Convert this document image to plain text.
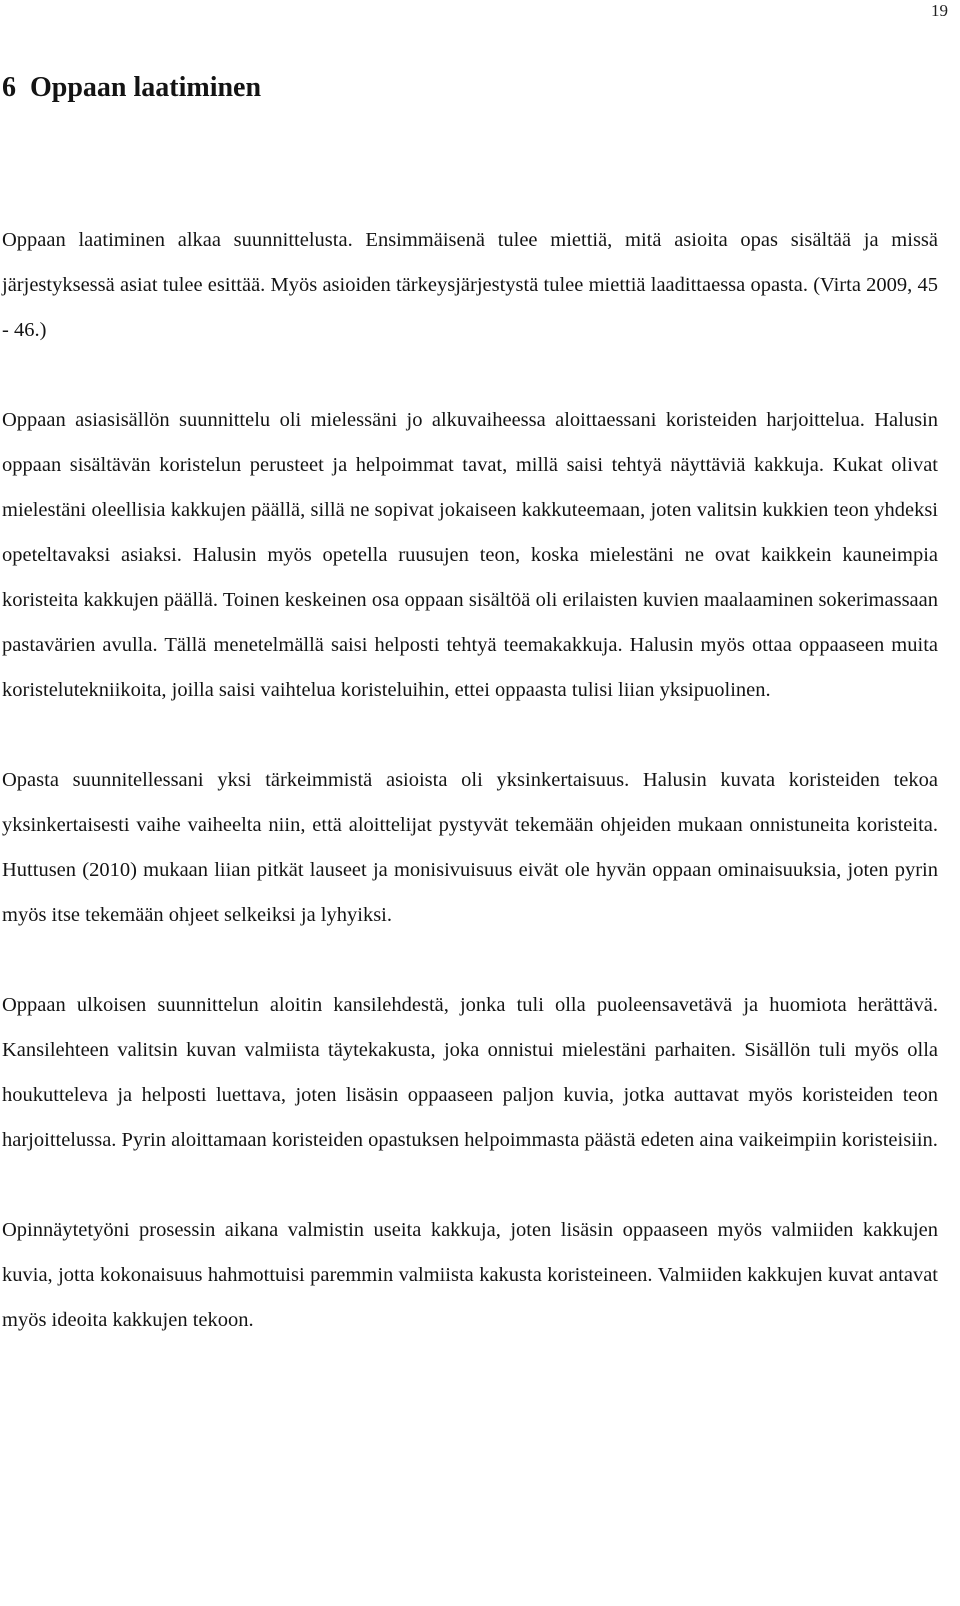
19
6 Oppaan laatiminen

Oppaan laatiminen alkaa suunnittelusta. Ensimmäisenä tulee miettiä, mitä asioita opas sisältää ja missä järjestyksessä asiat tulee esittää. Myös asioiden tärkeysjärjestystä tulee miettiä laadittaessa opasta. (Virta 2009, 45 - 46.)

Oppaan asiasisällön suunnittelu oli mielessäni jo alkuvaiheessa aloittaessani koristeiden harjoittelua. Halusin oppaan sisältävän koristelun perusteet ja helpoimmat tavat, millä saisi tehtyä näyttäviä kakkuja. Kukat olivat mielestäni oleellisia kakkujen päällä, sillä ne sopivat jokaiseen kakkuteemaan, joten valitsin kukkien teon yhdeksi opeteltavaksi asiaksi. Halusin myös opetella ruusujen teon, koska mielestäni ne ovat kaikkein kauneimpia koristeita kakkujen päällä. Toinen keskeinen osa oppaan sisältöä oli erilaisten kuvien maalaaminen sokerimassaan pastavärien avulla. Tällä menetelmällä saisi helposti tehtyä teemakakkuja. Halusin myös ottaa oppaaseen muita koristelutekniikoita, joilla saisi vaihtelua koristeluihin, ettei oppaasta tulisi liian yksipuolinen.

Opasta suunnitellessani yksi tärkeimmistä asioista oli yksinkertaisuus. Halusin kuvata koristeiden tekoa yksinkertaisesti vaihe vaiheelta niin, että aloittelijat pystyvät tekemään ohjeiden mukaan onnistuneita koristeita. Huttusen (2010) mukaan liian pitkät lauseet ja monisivuisuus eivät ole hyvän oppaan ominaisuuksia, joten pyrin myös itse tekemään ohjeet selkeiksi ja lyhyiksi.

Oppaan ulkoisen suunnittelun aloitin kansilehdestä, jonka tuli olla puoleensavetävä ja huomiota herättävä. Kansilehteen valitsin kuvan valmiista täytekakusta, joka onnistui mielestäni parhaiten. Sisällön tuli myös olla houkutteleva ja helposti luettava, joten lisäsin oppaaseen paljon kuvia, jotka auttavat myös koristeiden teon harjoittelussa. Pyrin aloittamaan koristeiden opastuksen helpoimmasta päästä edeten aina vaikeimpiin koristeisiin.

Opinnäytetyöni prosessin aikana valmistin useita kakkuja, joten lisäsin oppaaseen myös valmiiden kakkujen kuvia, jotta kokonaisuus hahmottuisi paremmin valmiista kakusta koristeineen. Valmiiden kakkujen kuvat antavat myös ideoita kakkujen tekoon.
